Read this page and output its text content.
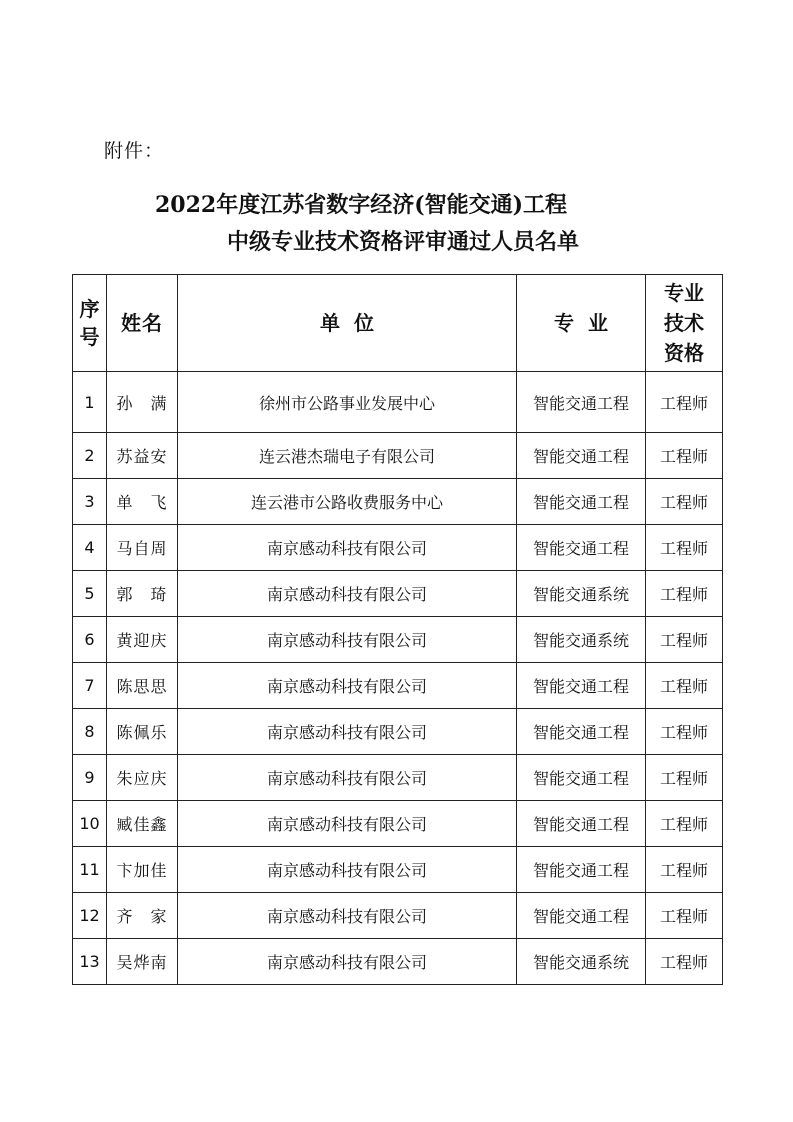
附件：
2022年度江苏省数字经济(智能交通)工程
中级专业技术资格评审通过人员名单
序号	姓名	单位	专业	专业技术资格
1	孙　满	徐州市公路事业发展中心	智能交通工程	工程师
2	苏益安	连云港杰瑞电子有限公司	智能交通工程	工程师
3	单　飞	连云港市公路收费服务中心	智能交通工程	工程师
4	马自周	南京感动科技有限公司	智能交通工程	工程师
5	郭　琦	南京感动科技有限公司	智能交通系统	工程师
6	黄迎庆	南京感动科技有限公司	智能交通系统	工程师
7	陈思思	南京感动科技有限公司	智能交通工程	工程师
8	陈佩乐	南京感动科技有限公司	智能交通工程	工程师
9	朱应庆	南京感动科技有限公司	智能交通工程	工程师
10	臧佳鑫	南京感动科技有限公司	智能交通工程	工程师
11	卞加佳	南京感动科技有限公司	智能交通工程	工程师
12	齐　家	南京感动科技有限公司	智能交通工程	工程师
13	吴烨南	南京感动科技有限公司	智能交通系统	工程师
